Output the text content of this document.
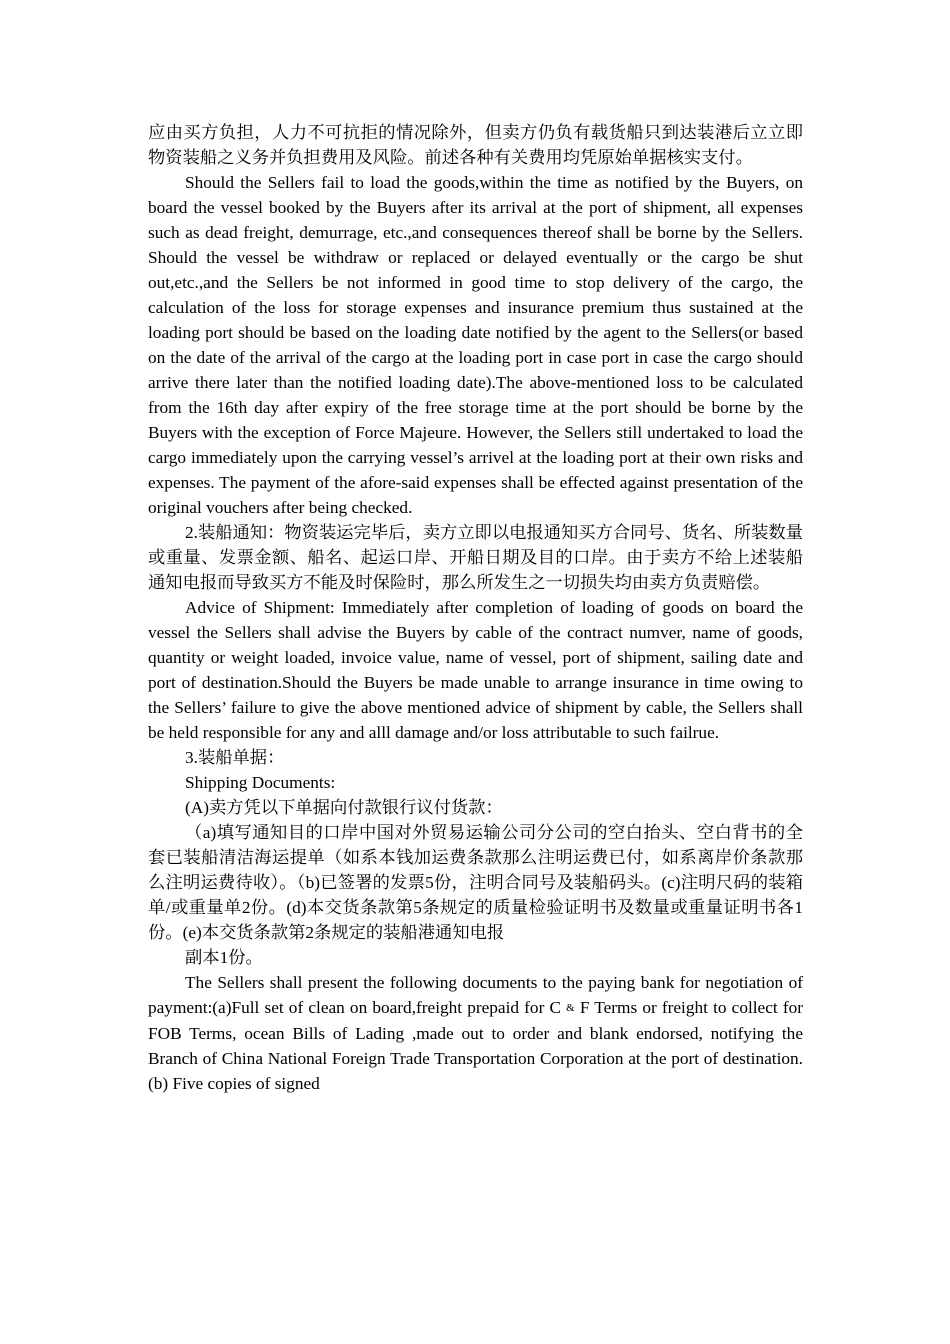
应由买方负担，人力不可抗拒的情况除外，但卖方仍负有载货船只到达装港后立立即物资装船之义务并负担费用及风险。前述各种有关费用均凭原始单据核实支付。

Should the Sellers fail to load the goods,within the time as notified by the Buyers, on board the vessel booked by the Buyers after its arrival at the port of shipment, all expenses such as dead freight, demurrage, etc.,and consequences thereof shall be borne by the Sellers. Should the vessel be withdraw or replaced or delayed eventually or the cargo be shut out,etc.,and the Sellers be not informed in good time to stop delivery of the cargo, the calculation of the loss for storage expenses and insurance premium thus sustained at the loading port should be based on the loading date notified by the agent to the Sellers(or based on the date of the arrival of the cargo at the loading port in case port in case the cargo should arrive there later than the notified loading date).The above-mentioned loss to be calculated from the 16th day after expiry of the free storage time at the port should be borne by the Buyers with the exception of Force Majeure. However, the Sellers still undertaked to load the cargo immediately upon the carrying vessel’s arrivel at the loading port at their own risks and expenses. The payment of the afore-said expenses shall be effected against presentation of the original vouchers after being checked.

2.装船通知：物资装运完毕后，卖方立即以电报通知买方合同号、货名、所装数量或重量、发票金额、船名、起运口岸、开船日期及目的口岸。由于卖方不给上述装船通知电报而导致买方不能及时保险时，那么所发生之一切损失均由卖方负责赔偿。

Advice of Shipment: Immediately after completion of loading of goods on board the vessel the Sellers shall advise the Buyers by cable of the contract numver, name of goods, quantity or weight loaded, invoice value, name of vessel, port of shipment, sailing date and port of destination.Should the Buyers be made unable to arrange insurance in time owing to the Sellers’ failure to give the above mentioned advice of shipment by cable, the Sellers shall be held responsible for any and alll damage and/or loss attributable to such failrue.

3.装船单据：

Shipping Documents:

(A)卖方凭以下单据向付款银行议付货款：

（a)填写通知目的口岸中国对外贸易运输公司分公司的空白抬头、空白背书的全套已装船清洁海运提单（如系本钱加运费条款那么注明运费已付，如系离岸价条款那么注明运费待收）。（b)已签署的发票5份，注明合同号及装船码头。(c)注明尺码的装箱单/或重量单2份。(d)本交货条款第5条规定的质量检验证明书及数量或重量证明书各1份。(e)本交货条款第2条规定的装船港通知电报

副本1份。

The Sellers shall present the following documents to the paying bank for negotiation of payment:(a)Full set of clean on board,freight prepaid for C & F Terms or freight to collect for FOB Terms, ocean Bills of Lading ,made out to order and blank endorsed, notifying the Branch of China National Foreign Trade Transportation Corporation at the port of destination.(b) Five copies of signed
